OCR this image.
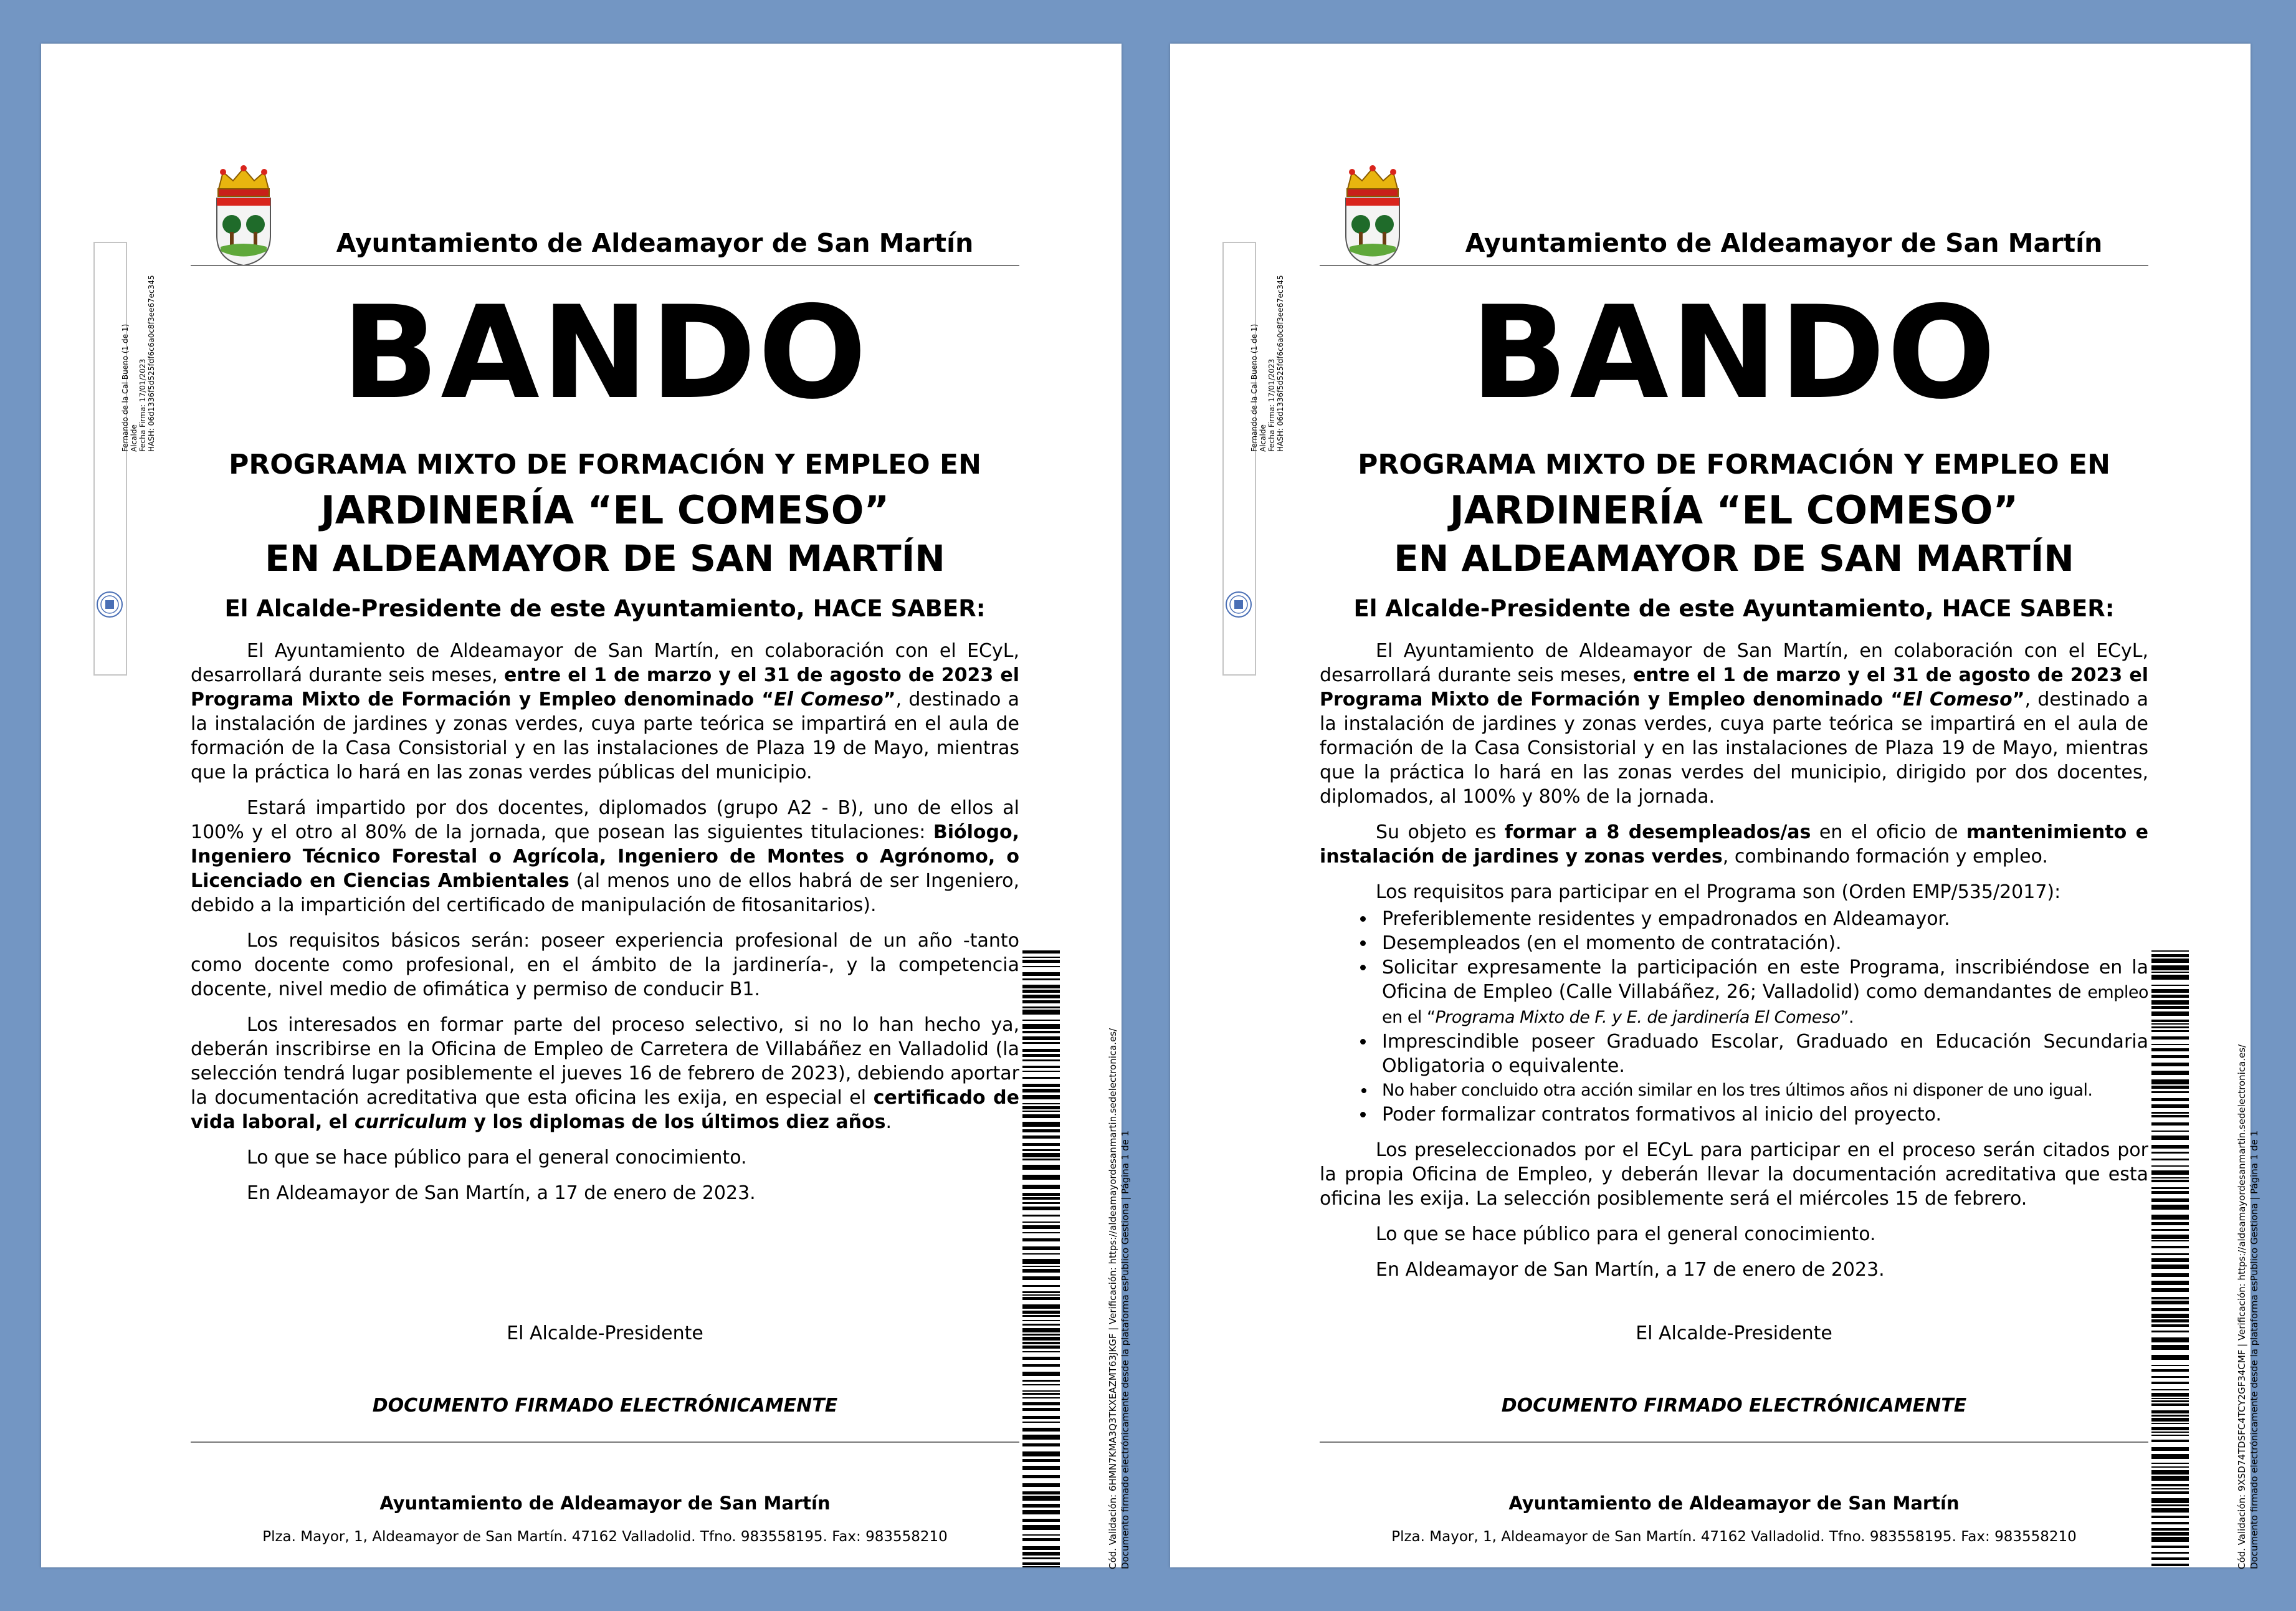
Ayuntamiento de Aldeamayor de San Martín
Fernando de la Cal Bueno (1 de 1) Alcalde Fecha Firma: 17/01/2023 HASH: 06d1336f5d525fdf6c6a0c8f3ee67ec345	BANDO
PROGRAMA MIXTO DE FORMACIÓN Y EMPLEO EN
JARDINERÍA “EL COMESO”
EN ALDEAMAYOR DE SAN MARTÍN
El Alcalde-Presidente de este Ayuntamiento, HACE SABER:

El Ayuntamiento de Aldeamayor de San Martín, en colaboración con el ECyL, desarrollará durante seis meses, entre el 1 de marzo y el 31 de agosto de 2023 el Programa Mixto de Formación y Empleo denominado “El Comeso”, destinado a la instalación de jardines y zonas verdes, cuya parte teórica se impartirá en el aula de formación de la Casa Consistorial y en las instalaciones de Plaza 19 de Mayo, mientras que la práctica lo hará en las zonas verdes públicas del municipio.

Estará impartido por dos docentes, diplomados (grupo A2 - B), uno de ellos al 100% y el otro al 80% de la jornada, que posean las siguientes titulaciones: Biólogo, Ingeniero Técnico Forestal o Agrícola, Ingeniero de Montes o Agrónomo, o Licenciado en Ciencias Ambientales (al menos uno de ellos habrá de ser Ingeniero, debido a la impartición del certificado de manipulación de fitosanitarios).

Los requisitos básicos serán: poseer experiencia profesional de un año -tanto como docente como profesional, en el ámbito de la jardinería-, y la competencia docente, nivel medio de ofimática y permiso de conducir B1.

Los interesados en formar parte del proceso selectivo, si no lo han hecho ya, deberán inscribirse en la Oficina de Empleo de Carretera de Villabáñez en Valladolid (la selección tendrá lugar posiblemente el jueves 16 de febrero de 2023), debiendo aportar la documentación acreditativa que esta oficina les exija, en especial el certificado de vida laboral, el curriculum y los diplomas de los últimos diez años.

Lo que se hace público para el general conocimiento.

En Aldeamayor de San Martín, a 17 de enero de 2023.

El Alcalde-Presidente
DOCUMENTO FIRMADO ELECTRÓNICAMENTE
Ayuntamiento de Aldeamayor de San Martín
Plza. Mayor, 1, Aldeamayor de San Martín. 47162 Valladolid. Tfno. 983558195. Fax: 983558210	Cód. Validación: 6HMN7KMA3Q3TKXEAZMT63JKGF | Verificación: https://aldeamayordesanmartin.sedelectronica.es/ Documento firmado electrónicamente desde la plataforma esPublico Gestiona | Página 1 de 1
Ayuntamiento de Aldeamayor de San Martín
Fernando de la Cal Bueno (1 de 1) Alcalde Fecha Firma: 17/01/2023 HASH: 06d1336f5d525fdf6c6a0c8f3ee67ec345	BANDO
PROGRAMA MIXTO DE FORMACIÓN Y EMPLEO EN
JARDINERÍA “EL COMESO”
EN ALDEAMAYOR DE SAN MARTÍN
El Alcalde-Presidente de este Ayuntamiento, HACE SABER:

El Ayuntamiento de Aldeamayor de San Martín, en colaboración con el ECyL, desarrollará durante seis meses, entre el 1 de marzo y el 31 de agosto de 2023 el Programa Mixto de Formación y Empleo denominado “El Comeso”, destinado a la instalación de jardines y zonas verdes, cuya parte teórica se impartirá en el aula de formación de la Casa Consistorial y en las instalaciones de Plaza 19 de Mayo, mientras que la práctica lo hará en las zonas verdes del municipio, dirigido por dos docentes, diplomados, al 100% y 80% de la jornada.

Su objeto es formar a 8 desempleados/as en el oficio de mantenimiento e instalación de jardines y zonas verdes, combinando formación y empleo.

Los requisitos para participar en el Programa son (Orden EMP/535/2017):

• Preferiblemente residentes y empadronados en Aldeamayor.
• Desempleados (en el momento de contratación).
• Solicitar expresamente la participación en este Programa, inscribiéndose en la Oficina de Empleo (Calle Villabáñez, 26; Valladolid) como demandantes de empleo en el “Programa Mixto de F. y E. de jardinería El Comeso”.
• Imprescindible poseer Graduado Escolar, Graduado en Educación Secundaria Obligatoria o equivalente.
• No haber concluido otra acción similar en los tres últimos años ni disponer de uno igual.
• Poder formalizar contratos formativos al inicio del proyecto.

Los preseleccionados por el ECyL para participar en el proceso serán citados por la propia Oficina de Empleo, y deberán llevar la documentación acreditativa que esta oficina les exija. La selección posiblemente será el miércoles 15 de febrero.

Lo que se hace público para el general conocimiento.

En Aldeamayor de San Martín, a 17 de enero de 2023.

El Alcalde-Presidente
DOCUMENTO FIRMADO ELECTRÓNICAMENTE
Ayuntamiento de Aldeamayor de San Martín
Plza. Mayor, 1, Aldeamayor de San Martín. 47162 Valladolid. Tfno. 983558195. Fax: 983558210	Cód. Validación: 9XSD74TDSFC4TCY2GF34CMF | Verificación: https://aldeamayordesanmartin.sedelectronica.es/ Documento firmado electrónicamente desde la plataforma esPublico Gestiona | Página 1 de 1
